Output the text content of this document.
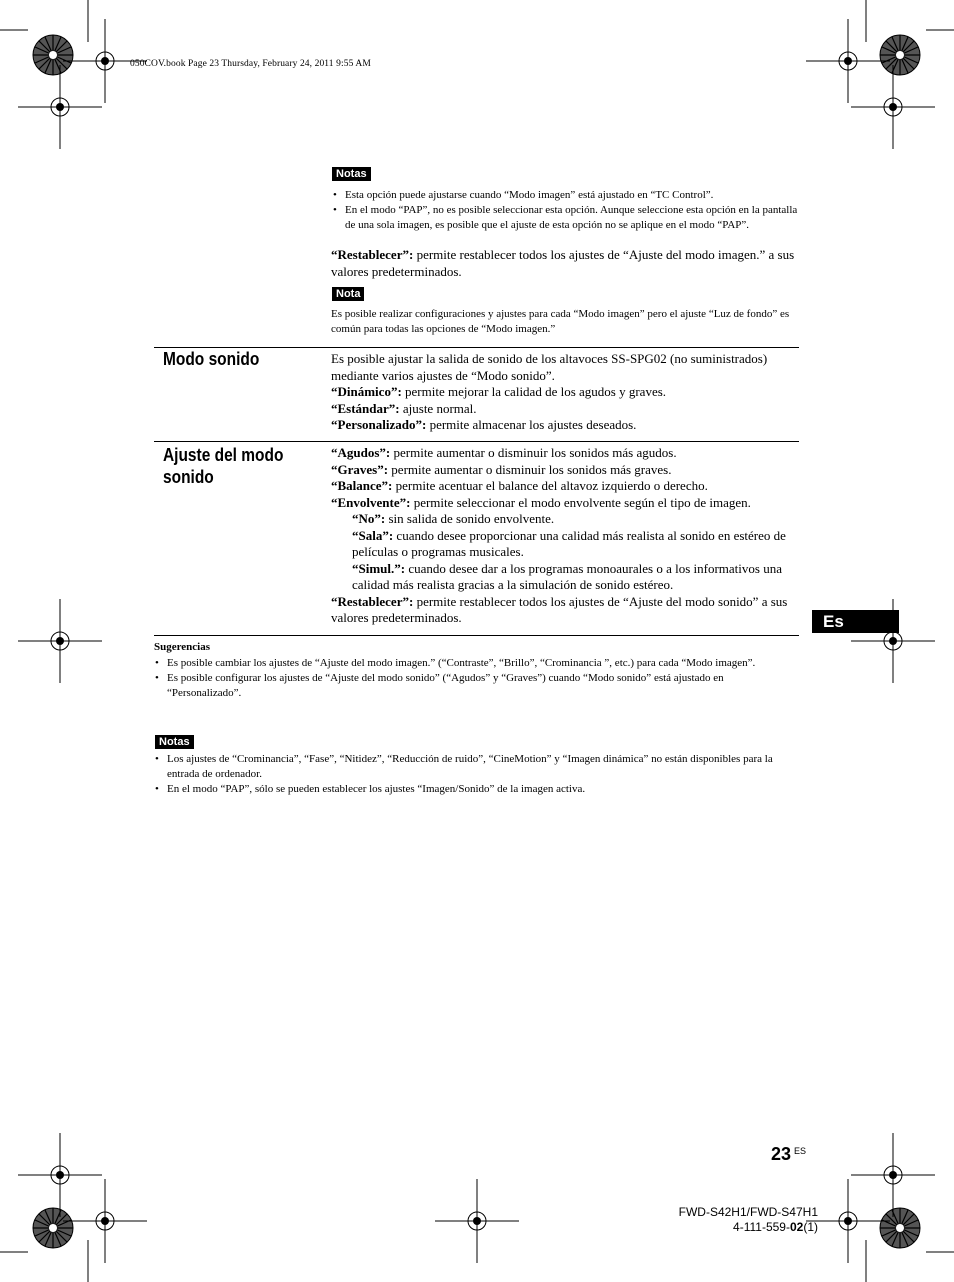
050COV.book Page 23 Thursday, February 24, 2011 9:55 AM
Notas
• Esta opción puede ajustarse cuando “Modo imagen” está ajustado en “TC Control”.
• En el modo “PAP”, no es posible seleccionar esta opción. Aunque seleccione esta opción en la pantalla de una sola imagen, es posible que el ajuste de esta opción no se aplique en el modo “PAP”.
“Restablecer”: permite restablecer todos los ajustes de “Ajuste del modo imagen.” a sus valores predeterminados.
Nota
Es posible realizar configuraciones y ajustes para cada “Modo imagen” pero el ajuste “Luz de fondo” es común para todas las opciones de “Modo imagen.”
Modo sonido	Es posible ajustar la salida de sonido de los altavoces SS-SPG02 (no suministrados) mediante varios ajustes de “Modo sonido”.
“Dinámico”: permite mejorar la calidad de los agudos y graves.
“Estándar”: ajuste normal.
“Personalizado”: permite almacenar los ajustes deseados.
Ajuste del modo
sonido
“Agudos”: permite aumentar o disminuir los sonidos más agudos.
“Graves”: permite aumentar o disminuir los sonidos más graves.
“Balance”: permite acentuar el balance del altavoz izquierdo o derecho.
“Envolvente”: permite seleccionar el modo envolvente según el tipo de imagen.
“No”: sin salida de sonido envolvente.
“Sala”: cuando desee proporcionar una calidad más realista al sonido en estéreo de películas o programas musicales.
“Simul.”: cuando desee dar a los programas monoaurales o a los informativos una calidad más realista gracias a la simulación de sonido estéreo.
“Restablecer”: permite restablecer todos los ajustes de “Ajuste del modo sonido” a sus valores predeterminados.
Sugerencias
• Es posible cambiar los ajustes de “Ajuste del modo imagen.” (“Contraste”, “Brillo”, “Crominancia ”, etc.) para cada “Modo imagen”.
• Es posible configurar los ajustes de “Ajuste del modo sonido” (“Agudos” y “Graves”) cuando “Modo sonido” está ajustado en “Personalizado”.
Notas
• Los ajustes de “Crominancia”, “Fase”, “Nitidez”, “Reducción de ruido”, “CineMotion” y “Imagen dinámica” no están disponibles para la entrada de ordenador.
• En el modo “PAP”, sólo se pueden establecer los ajustes “Imagen/Sonido” de la imagen activa.
Es
23 $^{ES}$
FWD-S42H1/FWD-S47H1
4-111-559-02(1)
